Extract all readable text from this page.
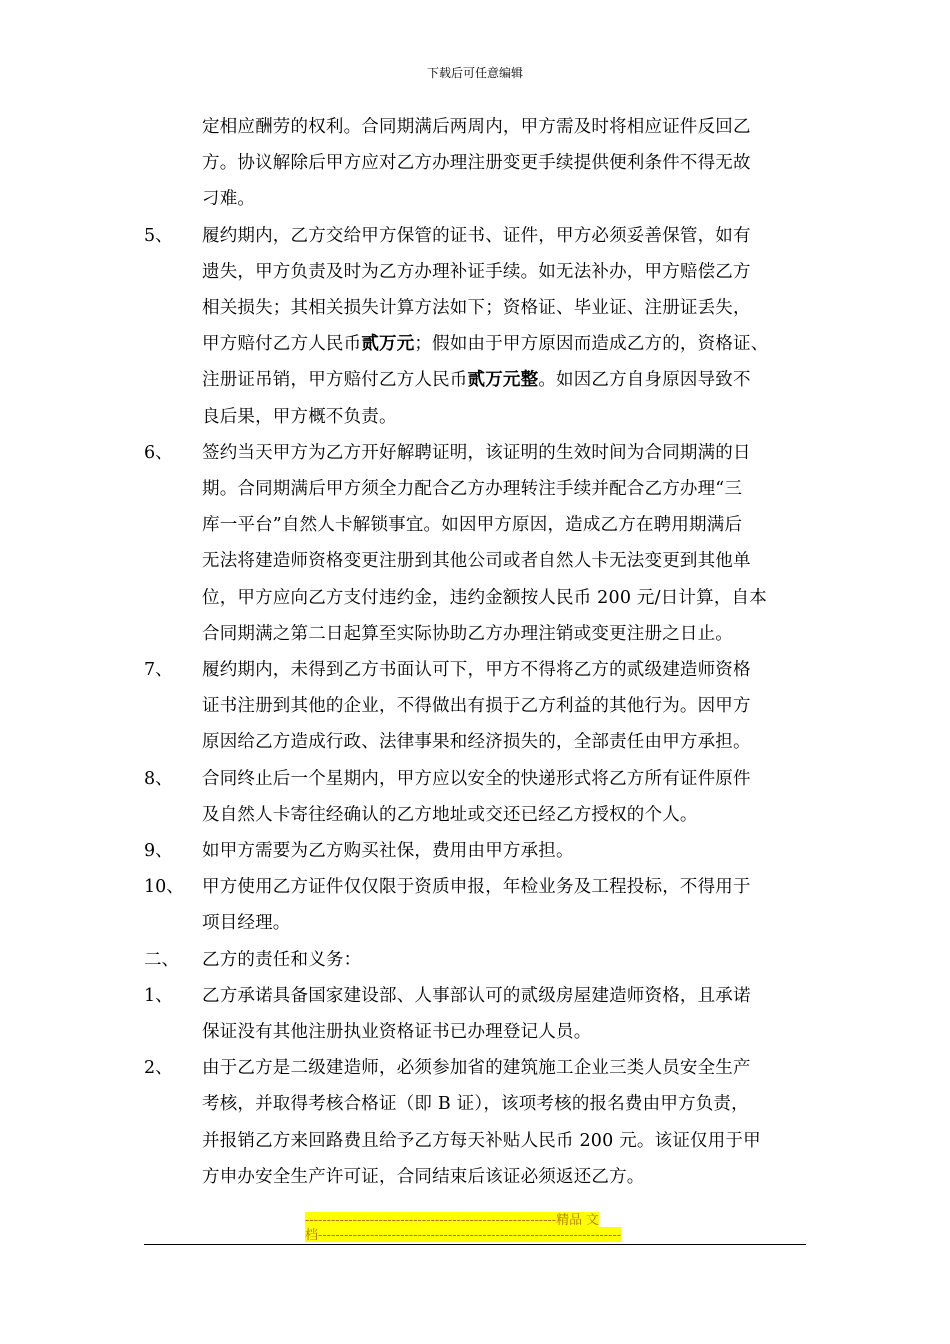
下载后可任意编辑
定相应酬劳的权利。合同期满后两周内，甲方需及时将相应证件反回乙
方。协议解除后甲方应对乙方办理注册变更手续提供便利条件不得无故
刁难。
5、 履约期内，乙方交给甲方保管的证书、证件，甲方必须妥善保管，如有
遗失，甲方负责及时为乙方办理补证手续。如无法补办，甲方赔偿乙方
相关损失；其相关损失计算方法如下；资格证、毕业证、注册证丢失，
甲方赔付乙方人民币贰万元；假如由于甲方原因而造成乙方的，资格证、
注册证吊销，甲方赔付乙方人民币贰万元整。如因乙方自身原因导致不
良后果，甲方概不负责。
6、 签约当天甲方为乙方开好解聘证明，该证明的生效时间为合同期满的日
期。合同期满后甲方须全力配合乙方办理转注手续并配合乙方办理“三
库一平台”自然人卡解锁事宜。如因甲方原因，造成乙方在聘用期满后
无法将建造师资格变更注册到其他公司或者自然人卡无法变更到其他单
位，甲方应向乙方支付违约金，违约金额按人民币 200 元/日计算，自本
合同期满之第二日起算至实际协助乙方办理注销或变更注册之日止。
7、 履约期内，未得到乙方书面认可下，甲方不得将乙方的贰级建造师资格
证书注册到其他的企业，不得做出有损于乙方利益的其他行为。因甲方
原因给乙方造成行政、法律事果和经济损失的，全部责任由甲方承担。
8、 合同终止后一个星期内，甲方应以安全的快递形式将乙方所有证件原件
及自然人卡寄往经确认的乙方地址或交还已经乙方授权的个人。
9、 如甲方需要为乙方购买社保，费用由甲方承担。
10、 甲方使用乙方证件仅仅限于资质申报，年检业务及工程投标，不得用于
项目经理。
二、 乙方的责任和义务：
1、 乙方承诺具备国家建设部、人事部认可的贰级房屋建造师资格，且承诺
保证没有其他注册执业资格证书已办理登记人员。
2、 由于乙方是二级建造师，必须参加省的建筑施工企业三类人员安全生产
考核，并取得考核合格证（即 B 证），该项考核的报名费由甲方负责，
并报销乙方来回路费且给予乙方每天补贴人民币 200 元。该证仅用于甲
方申办安全生产许可证，合同结束后该证必须返还乙方。
----------------------------------------------------------精品 文
档----------------------------------------------------------------------
